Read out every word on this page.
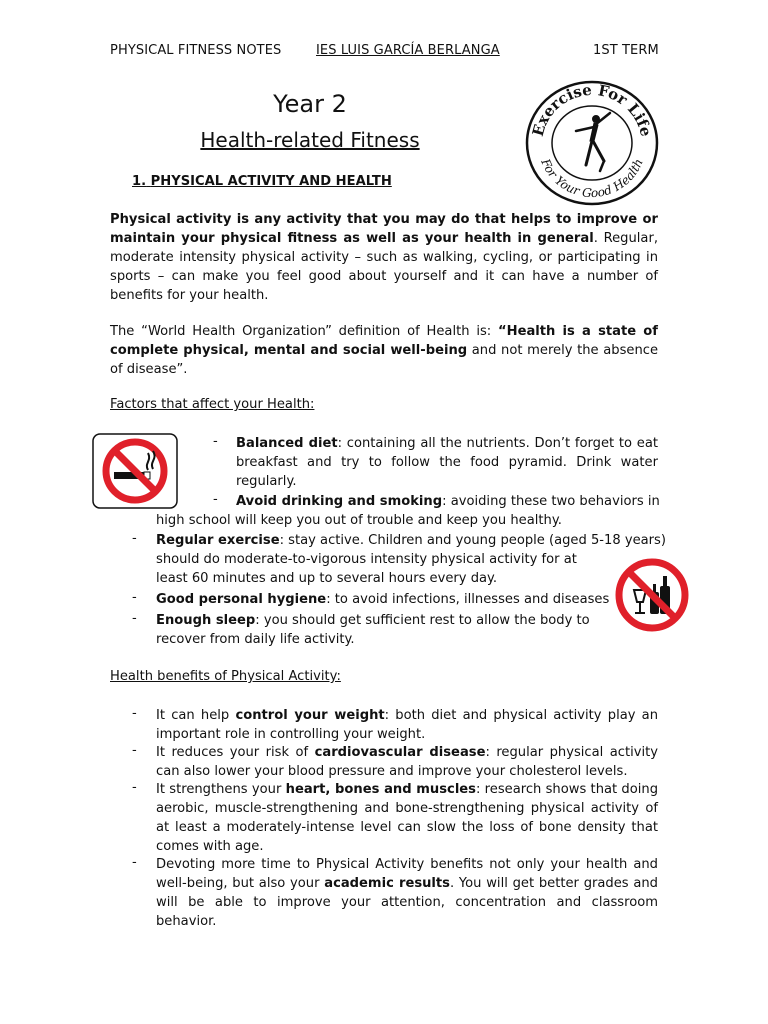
PHYSICAL FITNESS NOTES	IES LUIS GARCÍA BERLANGA	1ST TERM
Year 2
Health-related Fitness	Exercise For Life
For Your Good Health
1. PHYSICAL ACTIVITY AND HEALTH
Physical activity is any activity that you may do that helps to improve or maintain your physical fitness as well as your health in general. Regular, moderate intensity physical activity – such as walking, cycling, or participating in sports – can make you feel good about yourself and it can have a number of benefits for your health.
The “World Health Organization” definition of Health is: “Health is a state of complete physical, mental and social well-being and not merely the absence of disease”.
Factors that affect your Health:
- Balanced diet: containing all the nutrients. Don’t forget to eat breakfast and try to follow the food pyramid. Drink water regularly.
- Avoid drinking and smoking: avoiding these two behaviors in
high school will keep you out of trouble and keep you healthy.
- Regular exercise: stay active. Children and young people (aged 5-18 years)
should do moderate-to-vigorous intensity physical activity for at
least 60 minutes and up to several hours every day.
- Good personal hygiene: to avoid infections, illnesses and diseases
- Enough sleep: you should get sufficient rest to allow the body to
recover from daily life activity.
Health benefits of Physical Activity:
- It can help control your weight: both diet and physical activity play an important role in controlling your weight.
- It reduces your risk of cardiovascular disease: regular physical activity can also lower your blood pressure and improve your cholesterol levels.
- It strengthens your heart, bones and muscles: research shows that doing aerobic, muscle-strengthening and bone-strengthening physical activity of at least a moderately-intense level can slow the loss of bone density that comes with age.
- Devoting more time to Physical Activity benefits not only your health and well-being, but also your academic results. You will get better grades and will be able to improve your attention, concentration and classroom behavior.
